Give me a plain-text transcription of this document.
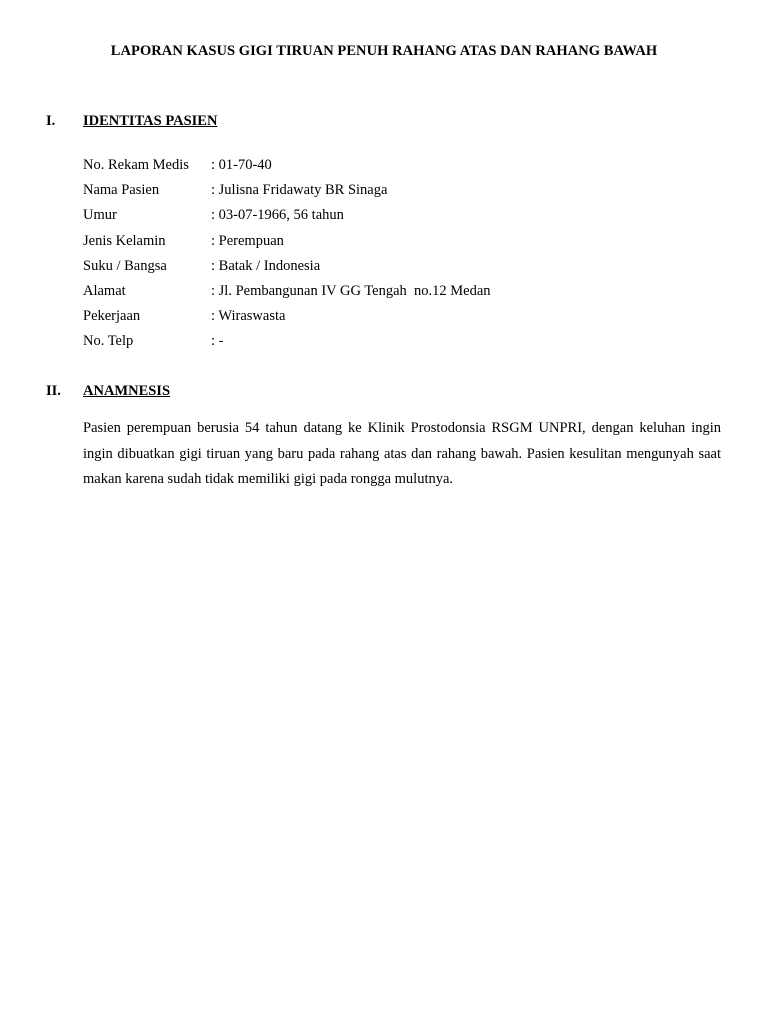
LAPORAN KASUS GIGI TIRUAN PENUH RAHANG ATAS DAN RAHANG BAWAH
I. IDENTITAS PASIEN
No. Rekam Medis : 01-70-40
Nama Pasien	: Julisna Fridawaty BR Sinaga
Umur	: 03-07-1966, 56 tahun
Jenis Kelamin	: Perempuan
Suku / Bangsa	: Batak / Indonesia
Alamat	: Jl. Pembangunan IV GG Tengah  no.12 Medan
Pekerjaan	: Wiraswasta
No. Telp	: -
II. ANAMNESIS

Pasien perempuan berusia 54 tahun datang ke Klinik Prostodonsia RSGM UNPRI, dengan keluhan ingin ingin dibuatkan gigi tiruan yang baru pada rahang atas dan rahang bawah. Pasien kesulitan mengunyah saat makan karena sudah tidak memiliki gigi pada rongga mulutnya.
